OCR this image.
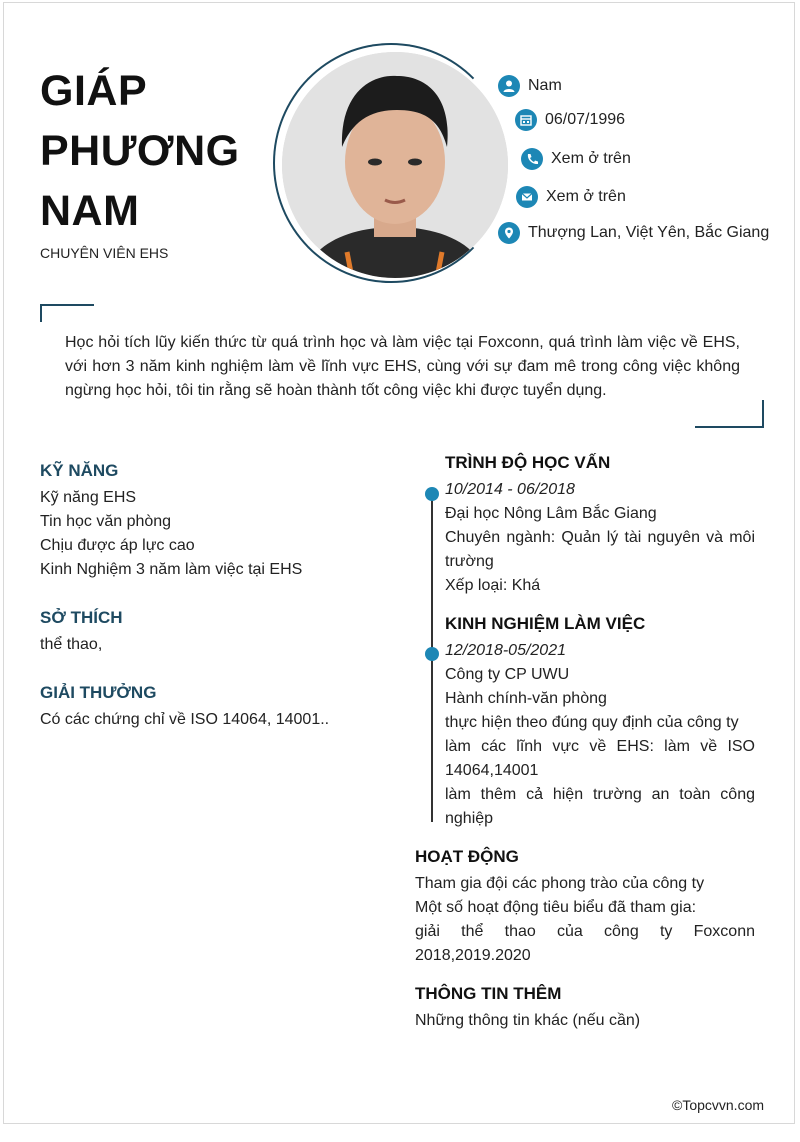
GIÁP
PHƯƠNG
NAM
CHUYÊN VIÊN EHS
Nam
06/07/1996
Xem ở trên
Xem ở trên
Thượng Lan, Việt Yên, Bắc Giang
Học hỏi tích lũy kiến thức từ quá trình học và làm việc tại Foxconn, quá trình làm việc về EHS, với hơn 3 năm kinh nghiệm làm về lĩnh vực EHS, cùng với sự đam mê trong công việc không ngừng học hỏi, tôi tin rằng sẽ hoàn thành tốt công việc khi được tuyển dụng.
KỸ NĂNG
Kỹ năng EHS
Tin học văn phòng
Chịu được áp lực cao
Kinh Nghiệm 3 năm làm việc tại EHS
SỞ THÍCH
thể thao,
GIẢI THƯỞNG
Có các chứng chỉ về ISO 14064, 14001..
TRÌNH ĐỘ HỌC VẤN
10/2014 - 06/2018
Đại học Nông Lâm Bắc Giang
Chuyên ngành: Quản lý tài nguyên và môi trường
Xếp loại: Khá
KINH NGHIỆM LÀM VIỆC
12/2018-05/2021
Công ty CP UWU
Hành chính-văn phòng
thực hiện theo đúng quy định của công ty
làm các lĩnh vực về EHS: làm về ISO 14064,14001
làm thêm cả hiện trường an toàn công nghiệp
HOẠT ĐỘNG
Tham gia đội các phong trào của công ty
Một số hoạt động tiêu biểu đã tham gia:
giải thể thao của công ty Foxconn 2018,2019.2020
THÔNG TIN THÊM
Những thông tin khác (nếu cần)
©Topcvvn.com
